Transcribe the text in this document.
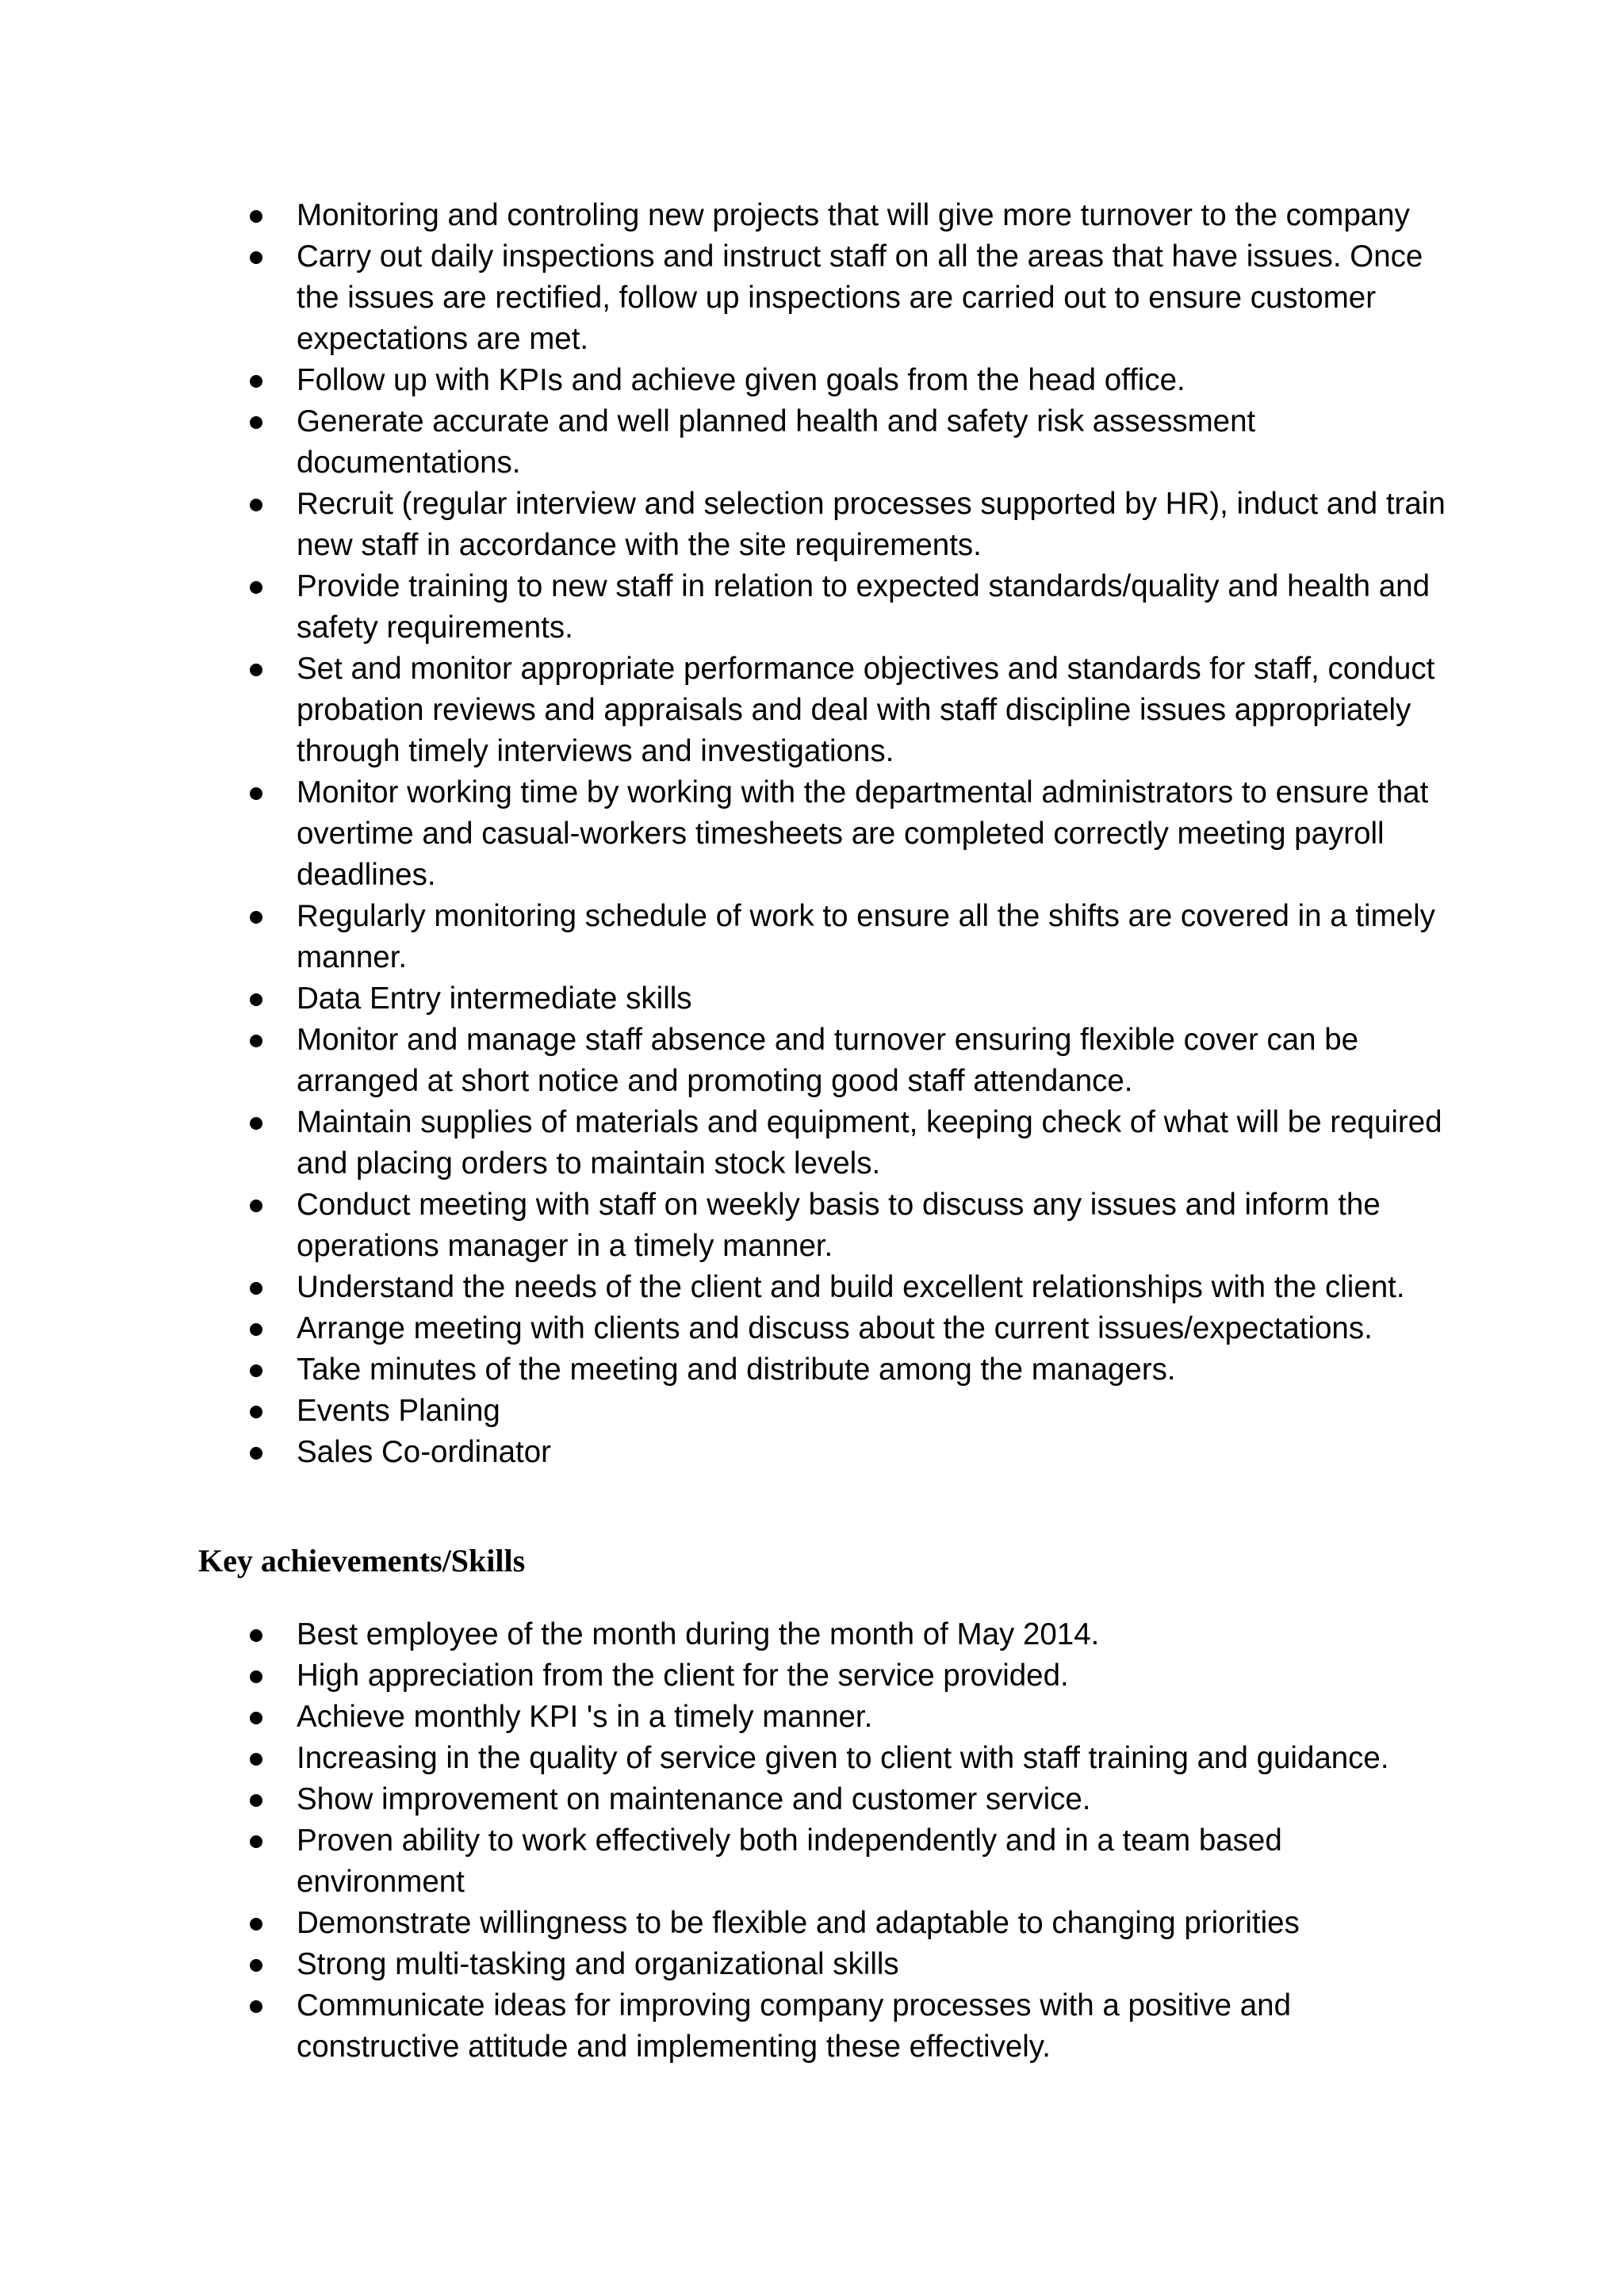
Monitoring and controling new projects that will give more turnover to the company
Carry out daily inspections and instruct staff on all the areas that have issues. Once the issues are rectified, follow up inspections are carried out to ensure customer expectations are met.
Follow up with KPIs and achieve given goals from the head office.
Generate accurate and well planned health and safety risk assessment documentations.
Recruit (regular interview and selection processes supported by HR), induct and train new staff in accordance with the site requirements.
Provide training to new staff in relation to expected standards/quality and health and safety requirements.
Set and monitor appropriate performance objectives and standards for staff, conduct probation reviews and appraisals and deal with staff discipline issues appropriately through timely interviews and investigations.
Monitor working time by working with the departmental administrators to ensure that overtime and casual-workers timesheets are completed correctly meeting payroll deadlines.
Regularly monitoring schedule of work to ensure all the shifts are covered in a timely manner.
Data Entry intermediate skills
Monitor and manage staff absence and turnover ensuring flexible cover can be arranged at short notice and promoting good staff attendance.
Maintain supplies of materials and equipment, keeping check of what will be required and placing orders to maintain stock levels.
Conduct meeting with staff on weekly basis to discuss any issues and inform the operations manager in a timely manner.
Understand the needs of the client and build excellent relationships with the client.
Arrange meeting with clients and discuss about the current issues/expectations.
Take minutes of the meeting and distribute among the managers.
Events Planing
Sales Co-ordinator
Key achievements/Skills
Best employee of the month during the month of May 2014.
High appreciation from the client for the service provided.
Achieve monthly KPI 's in a timely manner.
Increasing in the quality of service given to client with staff training and guidance.
Show improvement on maintenance and customer service.
Proven ability to work effectively both independently and in a team based environment
Demonstrate willingness to be flexible and adaptable to changing priorities
Strong multi-tasking and organizational skills
Communicate ideas for improving company processes with a positive and constructive attitude and implementing these effectively.
